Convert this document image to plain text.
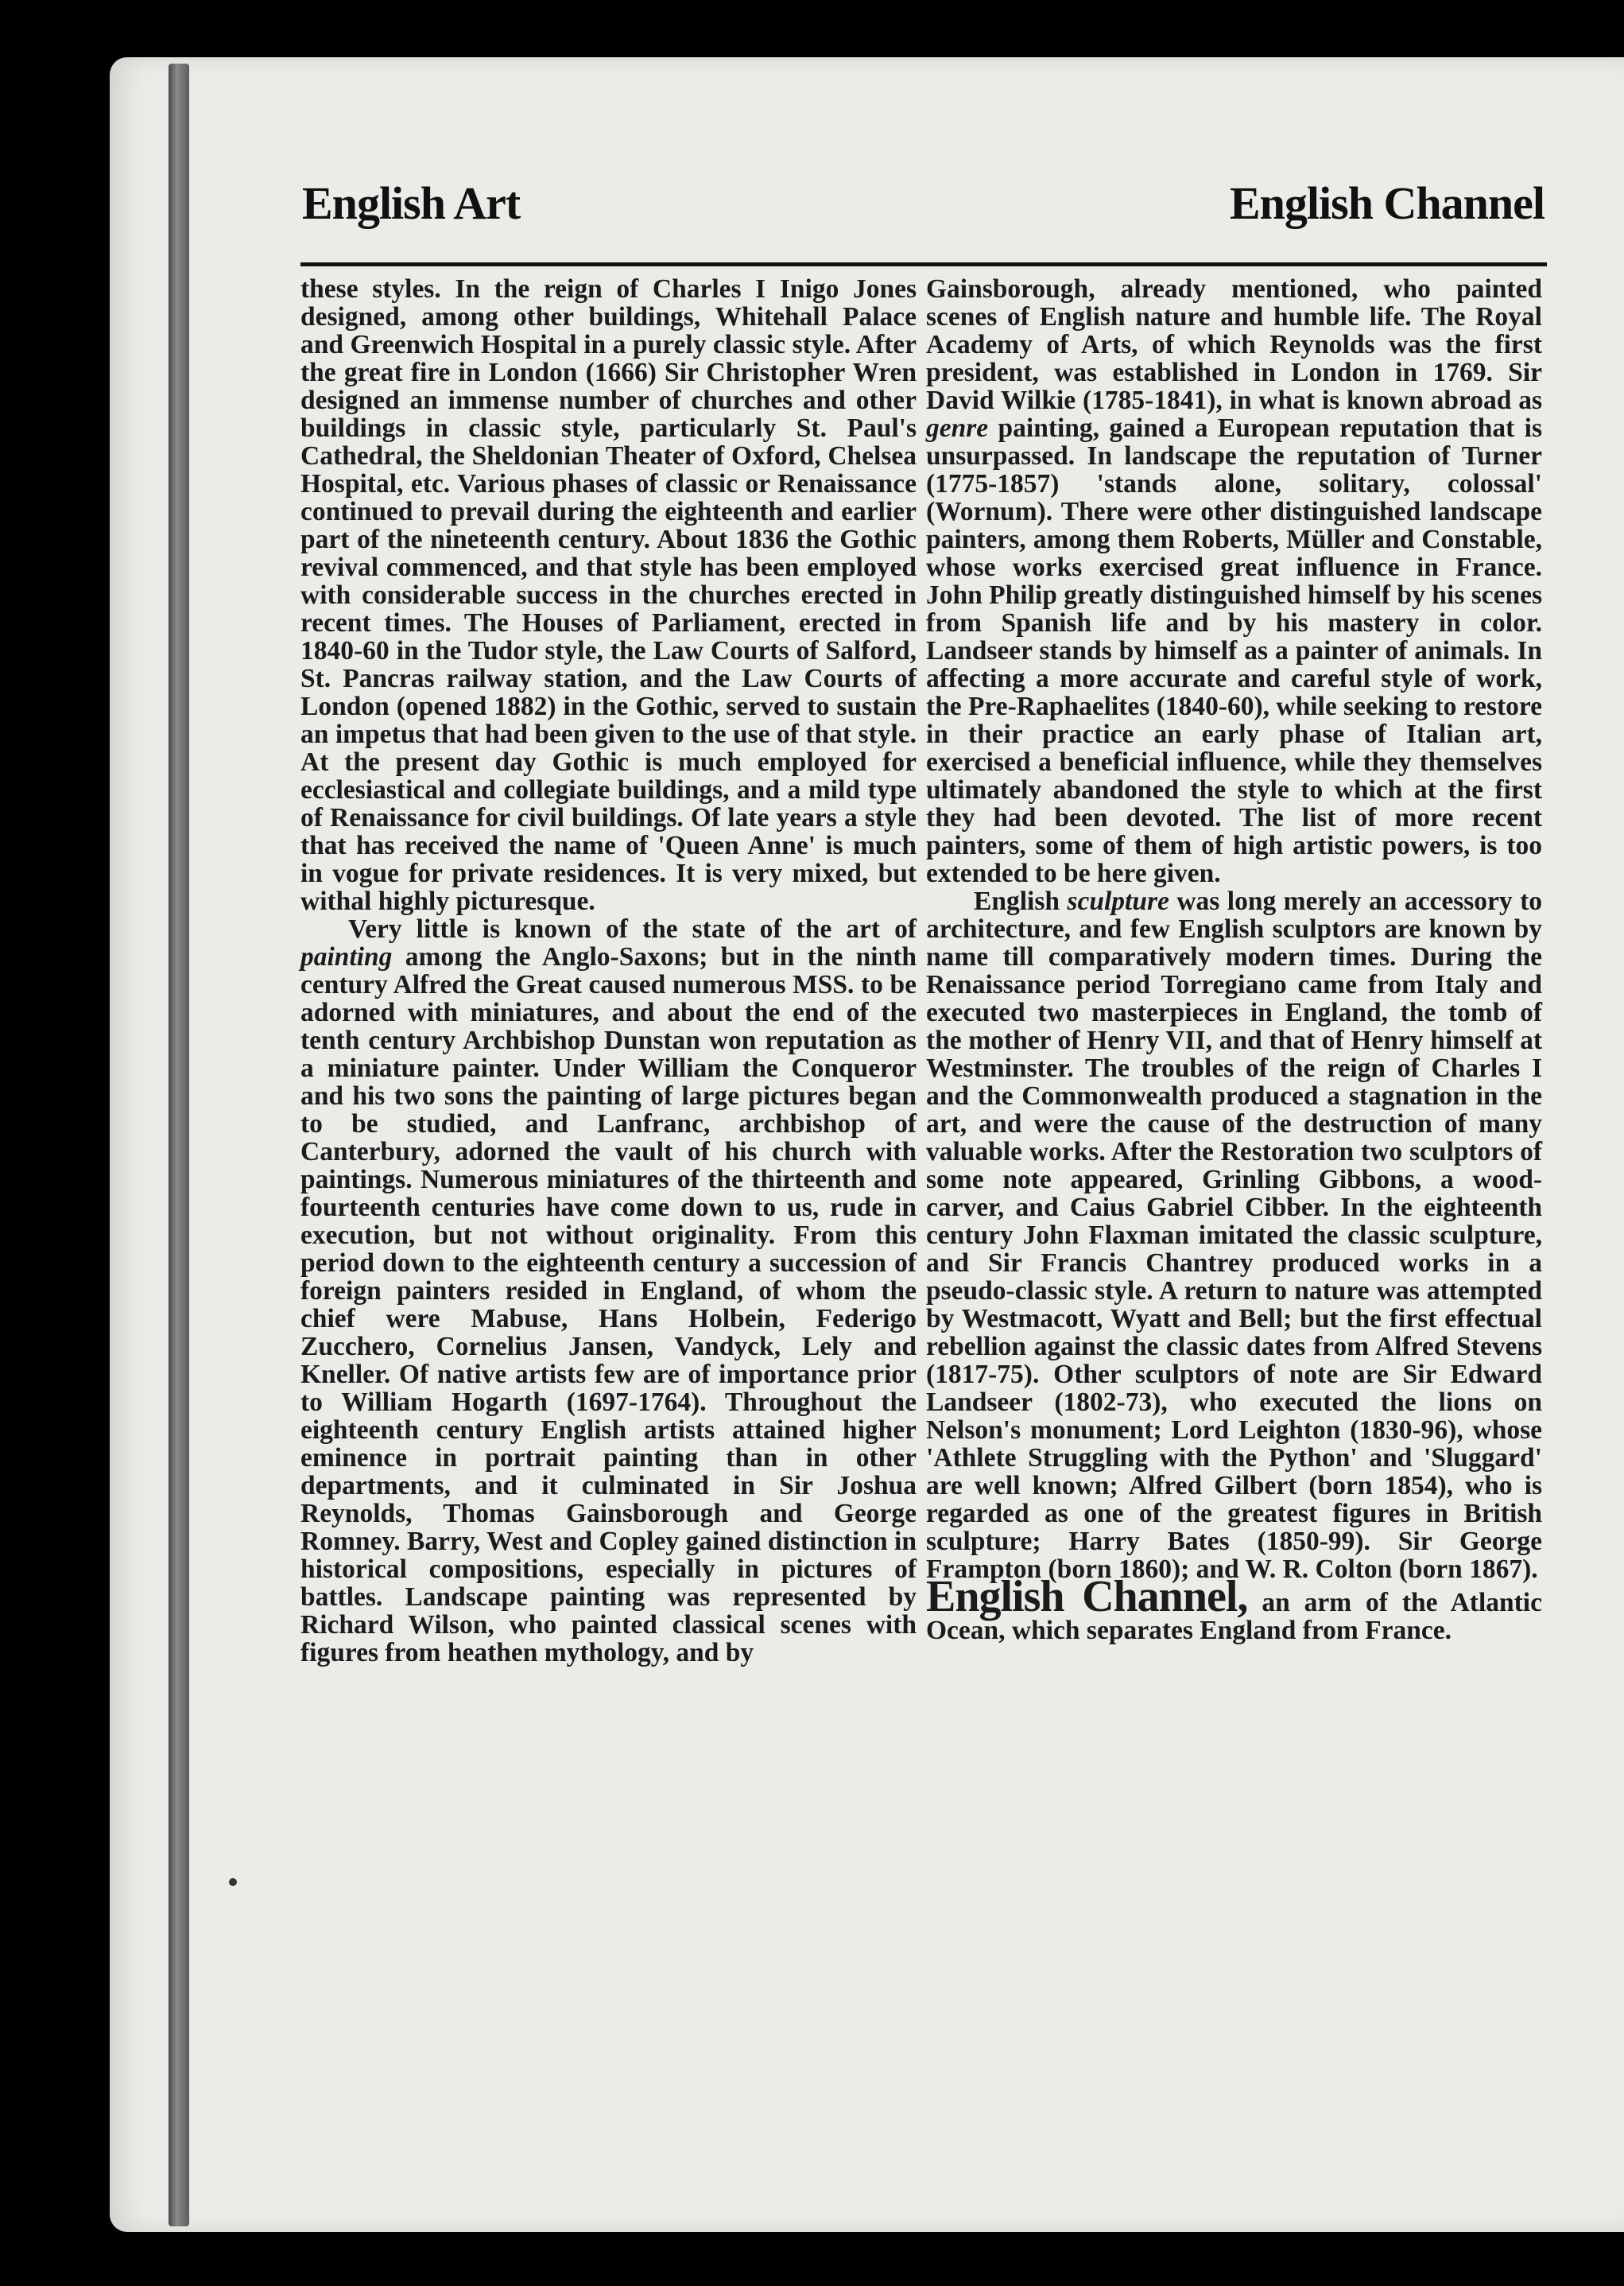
English Art	English Channel

these styles. In the reign of Charles I Inigo Jones designed, among other buildings, Whitehall Palace and Greenwich Hospital in a purely classic style. After the great fire in London (1666) Sir Christopher Wren designed an immense number of churches and other buildings in classic style, particularly St. Paul's Cathedral, the Sheldonian Theater of Oxford, Chelsea Hospital, etc. Various phases of classic or Renaissance continued to prevail during the eighteenth and earlier part of the nineteenth century. About 1836 the Gothic revival commenced, and that style has been employed with considerable success in the churches erected in recent times. The Houses of Parliament, erected in 1840-60 in the Tudor style, the Law Courts of Salford, St. Pancras railway station, and the Law Courts of London (opened 1882) in the Gothic, served to sustain an impetus that had been given to the use of that style. At the present day Gothic is much employed for ecclesiastical and collegiate buildings, and a mild type of Renaissance for civil buildings. Of late years a style that has received the name of 'Queen Anne' is much in vogue for private residences. It is very mixed, but withal highly picturesque.

Very little is known of the state of the art of painting among the Anglo-Saxons; but in the ninth century Alfred the Great caused numerous MSS. to be adorned with miniatures, and about the end of the tenth century Archbishop Dunstan won reputation as a miniature painter. Under William the Conqueror and his two sons the painting of large pictures began to be studied, and Lanfranc, archbishop of Canterbury, adorned the vault of his church with paintings. Numerous miniatures of the thirteenth and fourteenth centuries have come down to us, rude in execution, but not without originality. From this period down to the eighteenth century a succession of foreign painters resided in England, of whom the chief were Mabuse, Hans Holbein, Federigo Zucchero, Cornelius Jansen, Vandyck, Lely and Kneller. Of native artists few are of importance prior to William Hogarth (1697-1764). Throughout the eighteenth century English artists attained higher eminence in portrait painting than in other departments, and it culminated in Sir Joshua Reynolds, Thomas Gainsborough and George Romney. Barry, West and Copley gained distinction in historical compositions, especially in pictures of battles. Landscape painting was represented by Richard Wilson, who painted classical scenes with figures from heathen mythology, and by

Gainsborough, already mentioned, who painted scenes of English nature and humble life. The Royal Academy of Arts, of which Reynolds was the first president, was established in London in 1769. Sir David Wilkie (1785-1841), in what is known abroad as genre painting, gained a European reputation that is unsurpassed. In landscape the reputation of Turner (1775-1857) 'stands alone, solitary, colossal' (Wornum). There were other distinguished landscape painters, among them Roberts, Müller and Constable, whose works exercised great influence in France. John Philip greatly distinguished himself by his scenes from Spanish life and by his mastery in color. Landseer stands by himself as a painter of animals. In affecting a more accurate and careful style of work, the Pre-Raphaelites (1840-60), while seeking to restore in their practice an early phase of Italian art, exercised a beneficial influence, while they themselves ultimately abandoned the style to which at the first they had been devoted. The list of more recent painters, some of them of high artistic powers, is too extended to be here given.

English sculpture was long merely an accessory to architecture, and few English sculptors are known by name till comparatively modern times. During the Renaissance period Torregiano came from Italy and executed two masterpieces in England, the tomb of the mother of Henry VII, and that of Henry himself at Westminster. The troubles of the reign of Charles I and the Commonwealth produced a stagnation in the art, and were the cause of the destruction of many valuable works. After the Restoration two sculptors of some note appeared, Grinling Gibbons, a wood-carver, and Caius Gabriel Cibber. In the eighteenth century John Flaxman imitated the classic sculpture, and Sir Francis Chantrey produced works in a pseudo-classic style. A return to nature was attempted by Westmacott, Wyatt and Bell; but the first effectual rebellion against the classic dates from Alfred Stevens (1817-75). Other sculptors of note are Sir Edward Landseer (1802-73), who executed the lions on Nelson's monument; Lord Leighton (1830-96), whose 'Athlete Struggling with the Python' and 'Sluggard' are well known; Alfred Gilbert (born 1854), who is regarded as one of the greatest figures in British sculpture; Harry Bates (1850-99). Sir George Frampton (born 1860); and W. R. Colton (born 1867).

English Channel, an arm of the Atlantic Ocean, which separates England from France.
